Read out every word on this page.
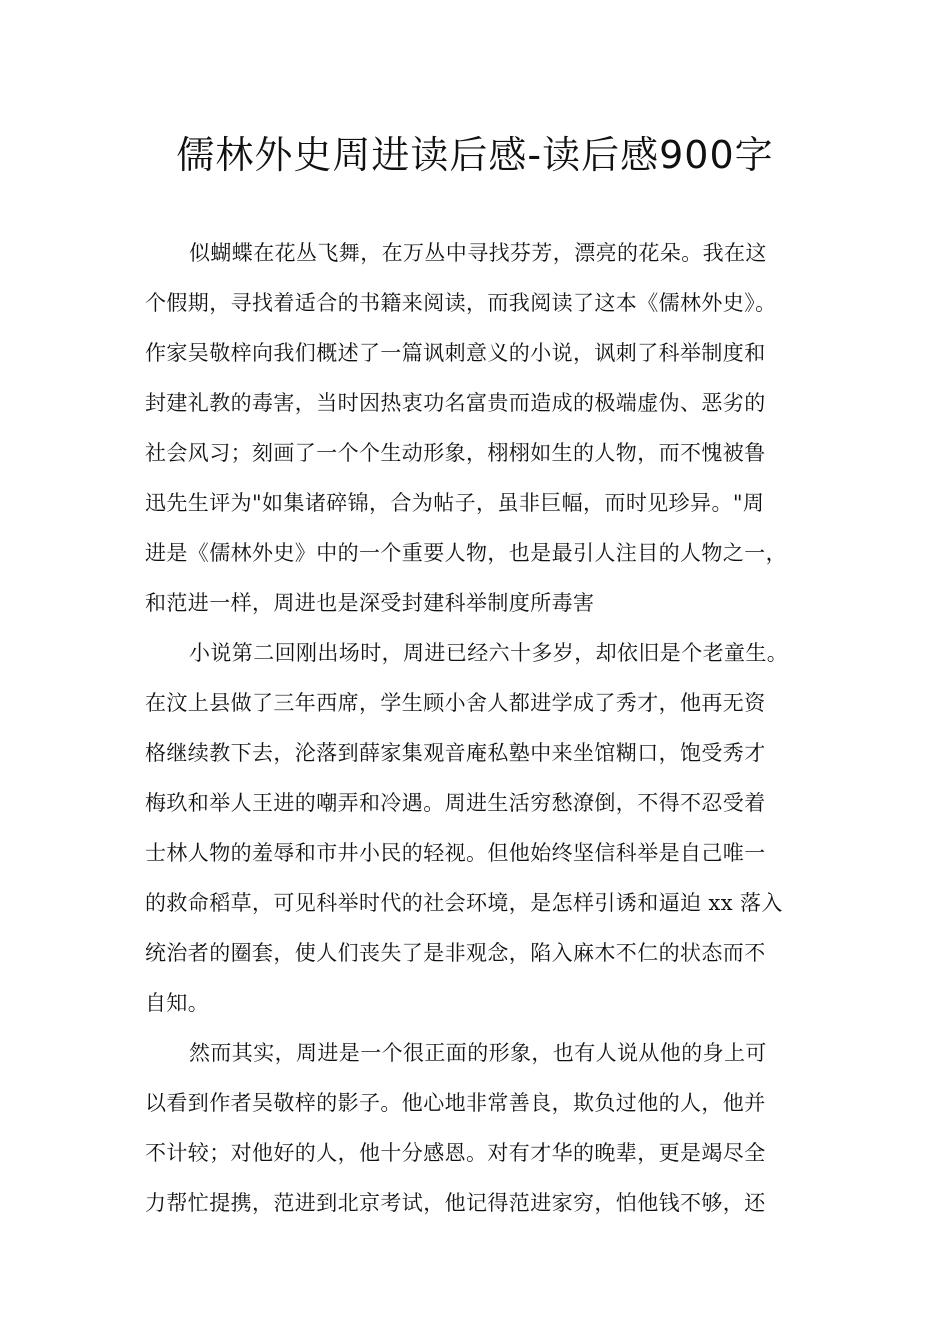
儒林外史周进读后感-读后感900字
似蝴蝶在花丛飞舞，在万丛中寻找芬芳，漂亮的花朵。我在这
个假期，寻找着适合的书籍来阅读，而我阅读了这本《儒林外史》。
作家吴敬梓向我们概述了一篇讽刺意义的小说，讽刺了科举制度和
封建礼教的毒害，当时因热衷功名富贵而造成的极端虚伪、恶劣的
社会风习；刻画了一个个生动形象，栩栩如生的人物，而不愧被鲁
迅先生评为"如集诸碎锦，合为帖子，虽非巨幅，而时见珍异。"周
进是《儒林外史》中的一个重要人物，也是最引人注目的人物之一，
和范进一样，周进也是深受封建科举制度所毒害
小说第二回刚出场时，周进已经六十多岁，却依旧是个老童生。
在汶上县做了三年西席，学生顾小舍人都进学成了秀才，他再无资
格继续教下去，沦落到薛家集观音庵私塾中来坐馆糊口，饱受秀才
梅玖和举人王进的嘲弄和冷遇。周进生活穷愁潦倒，不得不忍受着
士林人物的羞辱和市井小民的轻视。但他始终坚信科举是自己唯一
的救命稻草，可见科举时代的社会环境，是怎样引诱和逼迫 xx 落入
统治者的圈套，使人们丧失了是非观念，陷入麻木不仁的状态而不
自知。
然而其实，周进是一个很正面的形象，也有人说从他的身上可
以看到作者吴敬梓的影子。他心地非常善良，欺负过他的人，他并
不计较；对他好的人，他十分感恩。对有才华的晚辈，更是竭尽全
力帮忙提携，范进到北京考试，他记得范进家穷，怕他钱不够，还
